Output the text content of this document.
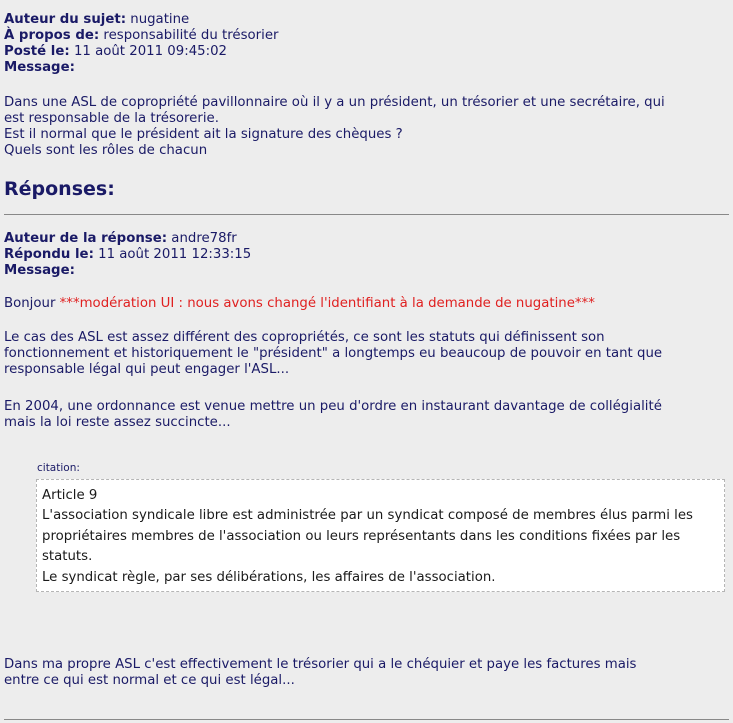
Auteur du sujet: nugatine
À propos de: responsabilité du trésorier
Posté le: 11 août 2011 09:45:02
Message:
Dans une ASL de copropriété pavillonnaire où il y a un président, un trésorier et une secrétaire, qui
est responsable de la trésorerie.
Est il normal que le président ait la signature des chèques ?
Quels sont les rôles de chacun
Réponses:
Auteur de la réponse: andre78fr
Répondu le: 11 août 2011 12:33:15
Message:
Bonjour ***modération UI : nous avons changé l'identifiant à la demande de nugatine***
Le cas des ASL est assez différent des copropriétés, ce sont les statuts qui définissent son
fonctionnement et historiquement le "président" a longtemps eu beaucoup de pouvoir en tant que
responsable légal qui peut engager l'ASL...
En 2004, une ordonnance est venue mettre un peu d'ordre en instaurant davantage de collégialité
mais la loi reste assez succincte...
citation:
Article 9
L'association syndicale libre est administrée par un syndicat composé de membres élus parmi les
propriétaires membres de l'association ou leurs représentants dans les conditions fixées par les
statuts.
Le syndicat règle, par ses délibérations, les affaires de l'association.
Dans ma propre ASL c'est effectivement le trésorier qui a le chéquier et paye les factures mais
entre ce qui est normal et ce qui est légal...
